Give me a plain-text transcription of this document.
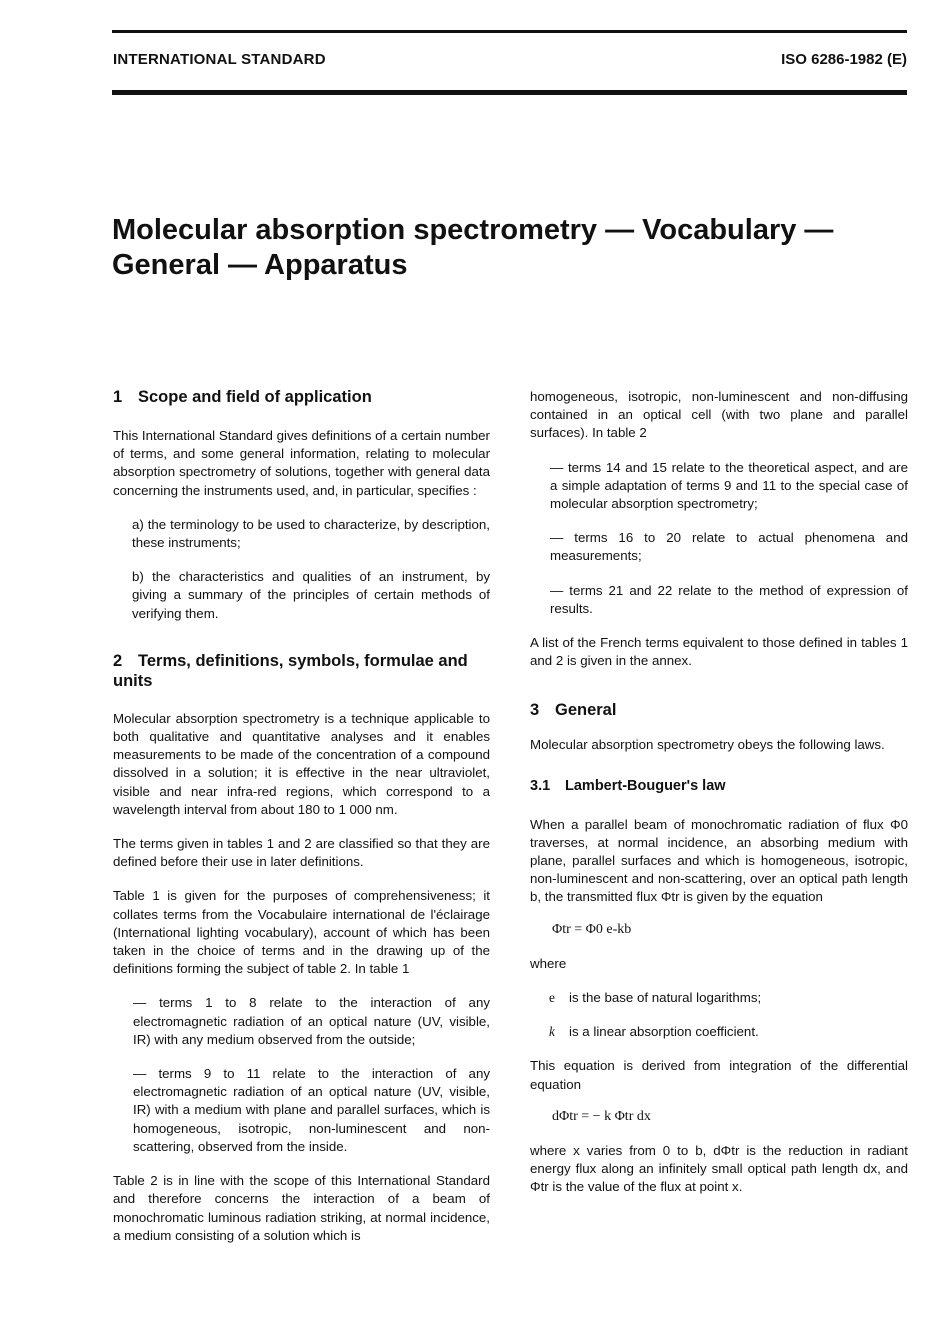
INTERNATIONAL STANDARD	ISO 6286-1982 (E)
Molecular absorption spectrometry — Vocabulary —
General — Apparatus
1 Scope and field of application

This International Standard gives definitions of a certain number of terms, and some general information, relating to molecular absorption spectrometry of solutions, together with general data concerning the instruments used, and, in particular, specifies :

a) the terminology to be used to characterize, by description, these instruments;

b) the characteristics and qualities of an instrument, by giving a summary of the principles of certain methods of verifying them.

2 Terms, definitions, symbols, formulae and units

Molecular absorption spectrometry is a technique applicable to both qualitative and quantitative analyses and it enables measurements to be made of the concentration of a compound dissolved in a solution; it is effective in the near ultraviolet, visible and near infra-red regions, which correspond to a wavelength interval from about 180 to 1 000 nm.

The terms given in tables 1 and 2 are classified so that they are defined before their use in later definitions.

Table 1 is given for the purposes of comprehensiveness; it collates terms from the Vocabulaire international de l'éclairage (International lighting vocabulary), account of which has been taken in the choice of terms and in the drawing up of the definitions forming the subject of table 2. In table 1

— terms 1 to 8 relate to the interaction of any electromagnetic radiation of an optical nature (UV, visible, IR) with any medium observed from the outside;

— terms 9 to 11 relate to the interaction of any electromagnetic radiation of an optical nature (UV, visible, IR) with a medium with plane and parallel surfaces, which is homogeneous, isotropic, non-luminescent and non-scattering, observed from the inside.

Table 2 is in line with the scope of this International Standard and therefore concerns the interaction of a beam of monochromatic luminous radiation striking, at normal incidence, a medium consisting of a solution which is

homogeneous, isotropic, non-luminescent and non-diffusing contained in an optical cell (with two plane and parallel surfaces). In table 2

— terms 14 and 15 relate to the theoretical aspect, and are a simple adaptation of terms 9 and 11 to the special case of molecular absorption spectrometry;

— terms 16 to 20 relate to actual phenomena and measurements;

— terms 21 and 22 relate to the method of expression of results.

A list of the French terms equivalent to those defined in tables 1 and 2 is given in the annex.

3 General

Molecular absorption spectrometry obeys the following laws.

3.1 Lambert-Bouguer's law

When a parallel beam of monochromatic radiation of flux Φ0 traverses, at normal incidence, an absorbing medium with plane, parallel surfaces and which is homogeneous, isotropic, non-luminescent and non-scattering, over an optical path length b, the transmitted flux Φtr is given by the equation

Φtr = Φ0 e-kb

where

e is the base of natural logarithms;

k is a linear absorption coefficient.

This equation is derived from integration of the differential equation

dΦtr = − k Φtr dx

where x varies from 0 to b, dΦtr is the reduction in radiant energy flux along an infinitely small optical path length dx, and Φtr is the value of the flux at point x.
